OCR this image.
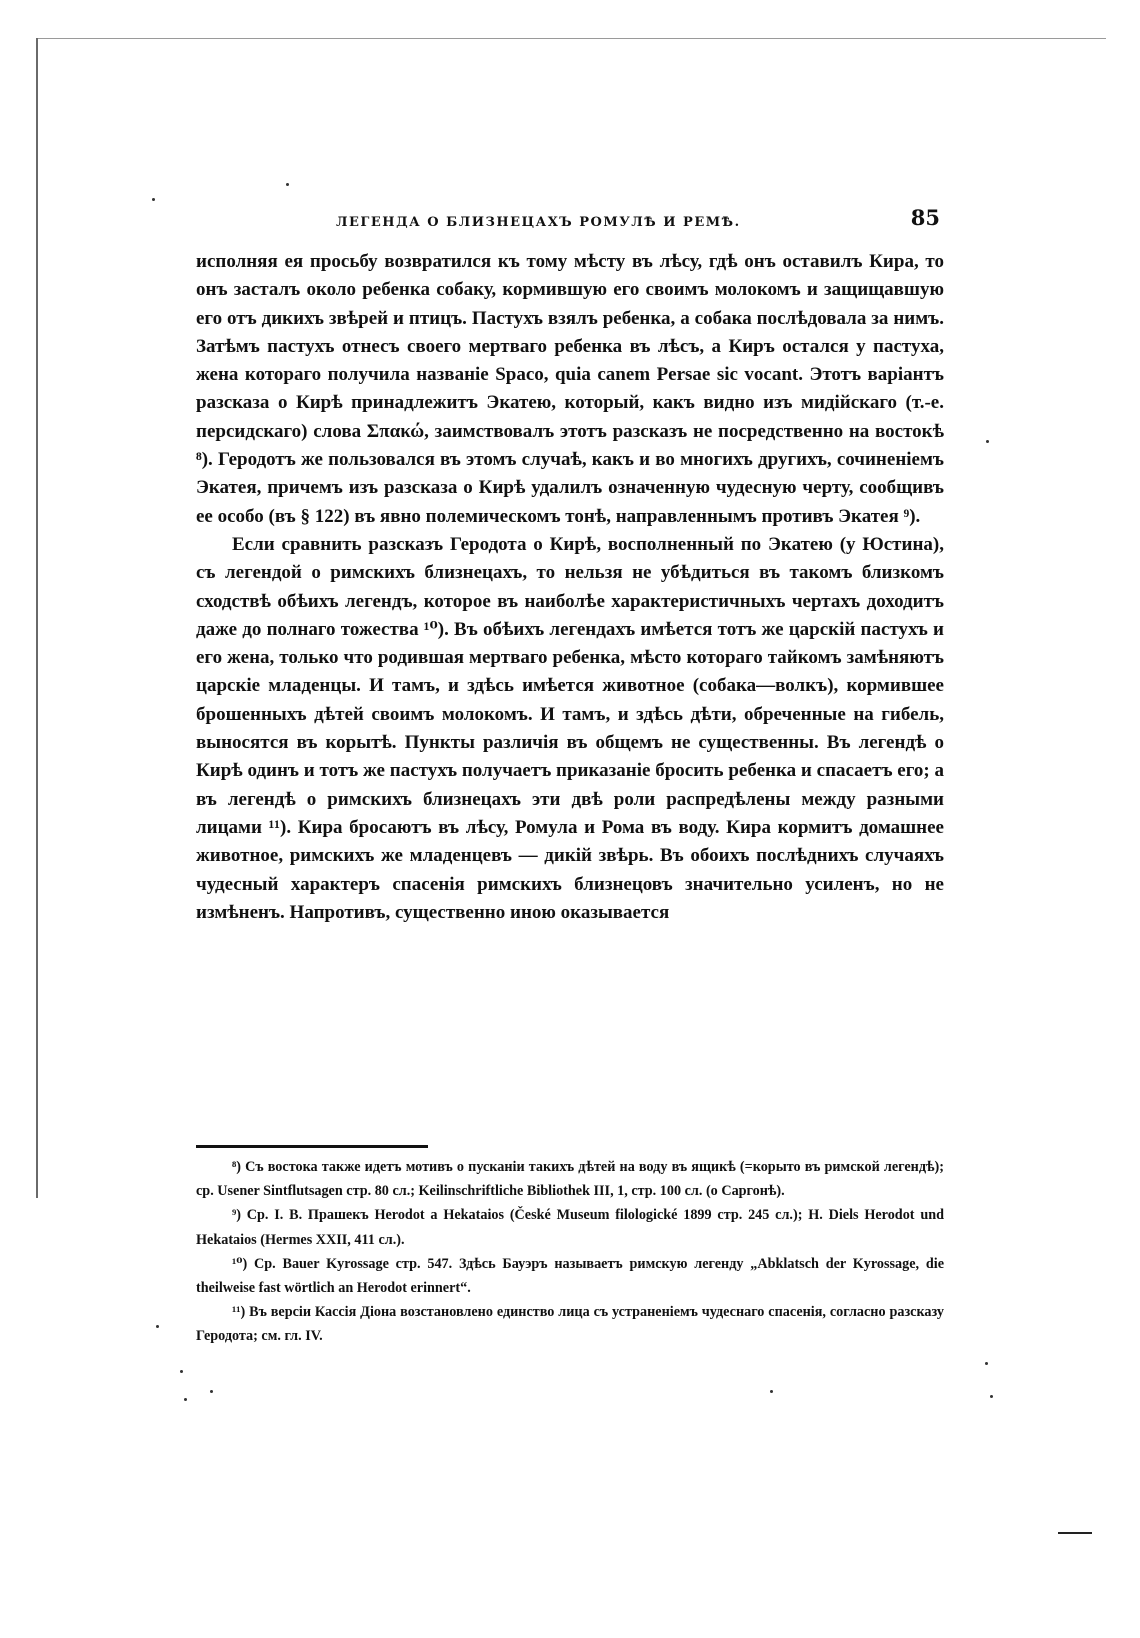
ЛЕГЕНДА О БЛИЗНЕЦАХЪ РОМУЛѢ И РЕМѢ.	85

исполняя ея просьбу возвратился къ тому мѣсту въ лѣсу, гдѣ онъ оставилъ Кира, то онъ засталъ около ребенка собаку, кормившую его своимъ молокомъ и защищавшую его отъ дикихъ звѣрей и птицъ. Пастухъ взялъ ребенка, а собака послѣдовала за нимъ. Затѣмъ пастухъ отнесъ своего мертваго ребенка въ лѣсъ, а Киръ остался у пастуха, жена котораго получила названіе Spaco, quia canem Persae sic vocant. Этотъ варіантъ разсказа о Кирѣ принадлежитъ Экатею, который, какъ видно изъ мидійскаго (т.-е. персидскаго) слова Σπακώ, заимствовалъ этотъ разсказъ не посредственно на востокѣ ⁸). Геродотъ же пользовался въ этомъ случаѣ, какъ и во многихъ другихъ, сочиненіемъ Экатея, причемъ изъ разсказа о Кирѣ удалилъ означенную чудесную черту, сообщивъ ее особо (въ § 122) въ явно полемическомъ тонѣ, направленнымъ противъ Экатея ⁹).

Если сравнить разсказъ Геродота о Кирѣ, восполненный по Экатею (у Юстина), съ легендой о римскихъ близнецахъ, то нельзя не убѣдиться въ такомъ близкомъ сходствѣ обѣихъ легендъ, которое въ наиболѣе характеристичныхъ чертахъ доходитъ даже до полнаго тожества ¹⁰). Въ обѣихъ легендахъ имѣется тотъ же царскій пастухъ и его жена, только что родившая мертваго ребенка, мѣсто котораго тайкомъ замѣняютъ царскіе младенцы. И тамъ, и здѣсь имѣется животное (собака—волкъ), кормившее брошенныхъ дѣтей своимъ молокомъ. И тамъ, и здѣсь дѣти, обреченные на гибель, выносятся въ корытѣ. Пункты различія въ общемъ не существенны. Въ легендѣ о Кирѣ одинъ и тотъ же пастухъ получаетъ приказаніе бросить ребенка и спасаетъ его; а въ легендѣ о римскихъ близнецахъ эти двѣ роли распредѣлены между разными лицами ¹¹). Кира бросаютъ въ лѣсу, Ромула и Рома въ воду. Кира кормитъ домашнее животное, римскихъ же младенцевъ — дикій звѣрь. Въ обоихъ послѣднихъ случаяхъ чудесный характеръ спасенія римскихъ близнецовъ значительно усиленъ, но не измѣненъ. Напротивъ, существенно иною оказывается

⁸) Съ востока также идетъ мотивъ о пусканіи такихъ дѣтей на воду въ ящикѣ (=корыто въ римской легендѣ); ср. Usener Sintflutsagen стр. 80 сл.; Keilinschriftliche Bibliothek III, 1, стр. 100 сл. (о Саргонѣ).

⁹) Ср. I. В. Прашекъ Herodot a Hekataios (České Museum filologické 1899 стр. 245 сл.); H. Diels Herodot und Hekataios (Hermes XXII, 411 сл.).

¹⁰) Ср. Bauer Kyrossage стр. 547. Здѣсь Бауэръ называетъ римскую легенду „Abklatsch der Kyrossage, die theilweise fast wörtlich an Herodot erinnert“.

¹¹) Въ версіи Кассія Діона возстановлено единство лица съ устраненіемъ чудеснаго спасенія, согласно разсказу Геродота; см. гл. IV.
